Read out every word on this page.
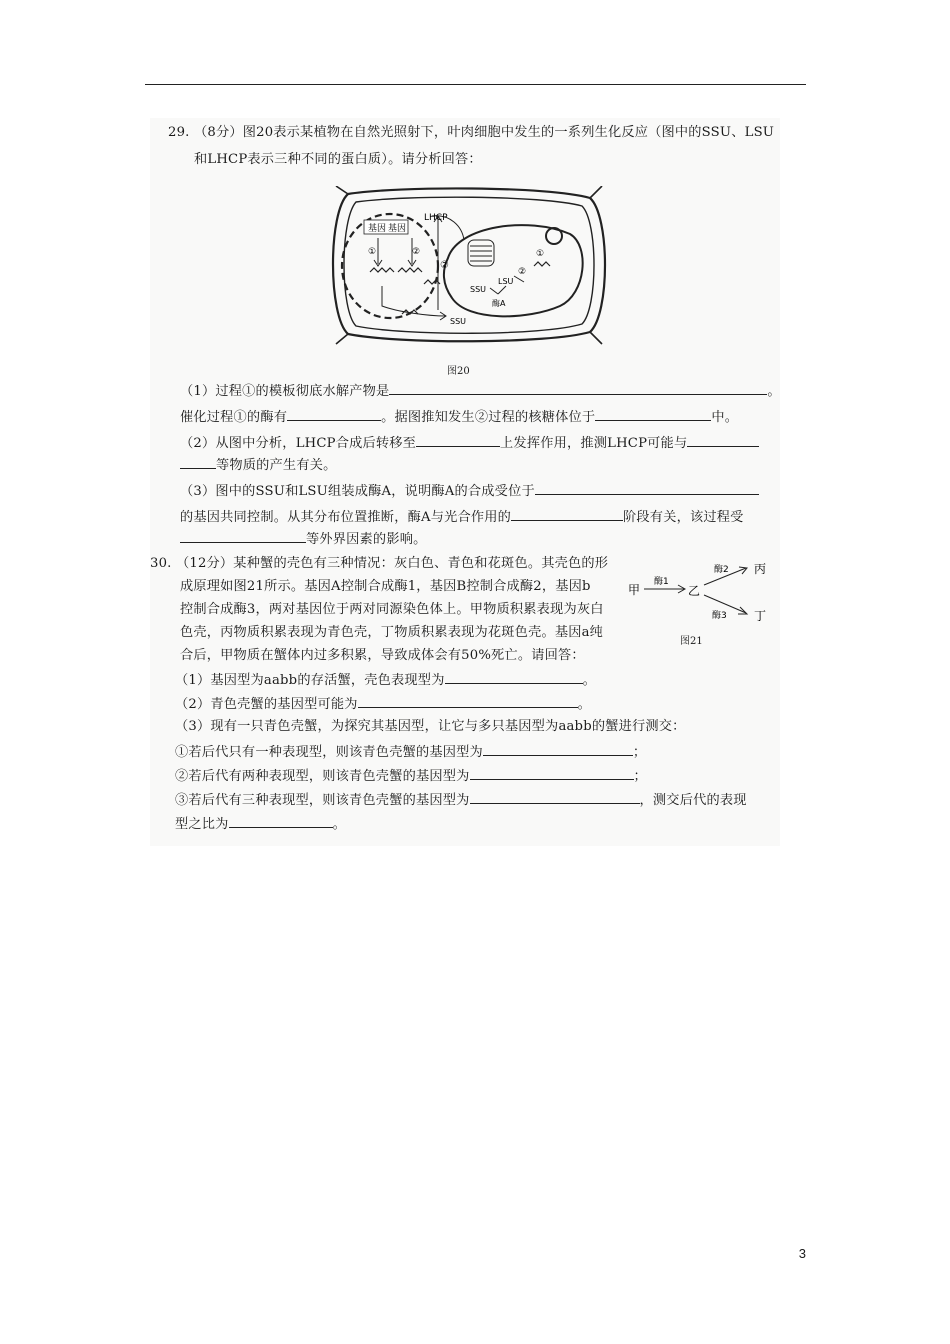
29. （8分）图20表示某植物在自然光照射下，叶肉细胞中发生的一系列生化反应（图中的SSU、LSU
和LHCP表示三种不同的蛋白质）。请分析回答：
基因 基因
LHCP
①	②
②
①
②
LSU
SSU
酶A
SSU
图20
（1）过程①的模板彻底水解产物是	。
催化过程①的酶有	。据图推知发生②过程的核糖体位于	中。
（2）从图中分析，LHCP合成后转移至	上发挥作用，推测LHCP可能与
等物质的产生有关。
（3）图中的SSU和LSU组装成酶A，说明酶A的合成受位于
的基因共同控制。从其分布位置推断，酶A与光合作用的	阶段有关，该过程受
等外界因素的影响。
30. （12分）某种蟹的壳色有三种情况：灰白色、青色和花斑色。其壳色的形
成原理如图21所示。基因A控制合成酶1，基因B控制合成酶2，基因b
控制合成酶3，两对基因位于两对同源染色体上。甲物质积累表现为灰白
色壳，丙物质积累表现为青色壳，丁物质积累表现为花斑色壳。基因a纯
合后，甲物质在蟹体内过多积累，导致成体会有50%死亡。请回答：
甲	乙
丙
丁
酶1
酶2
酶3
图21
（1）基因型为aabb的存活蟹，壳色表现型为	。
（2）青色壳蟹的基因型可能为	。
（3）现有一只青色壳蟹，为探究其基因型，让它与多只基因型为aabb的蟹进行测交：
①若后代只有一种表现型，则该青色壳蟹的基因型为	；
②若后代有两种表现型，则该青色壳蟹的基因型为	；
③若后代有三种表现型，则该青色壳蟹的基因型为	，测交后代的表现
型之比为	。
3
